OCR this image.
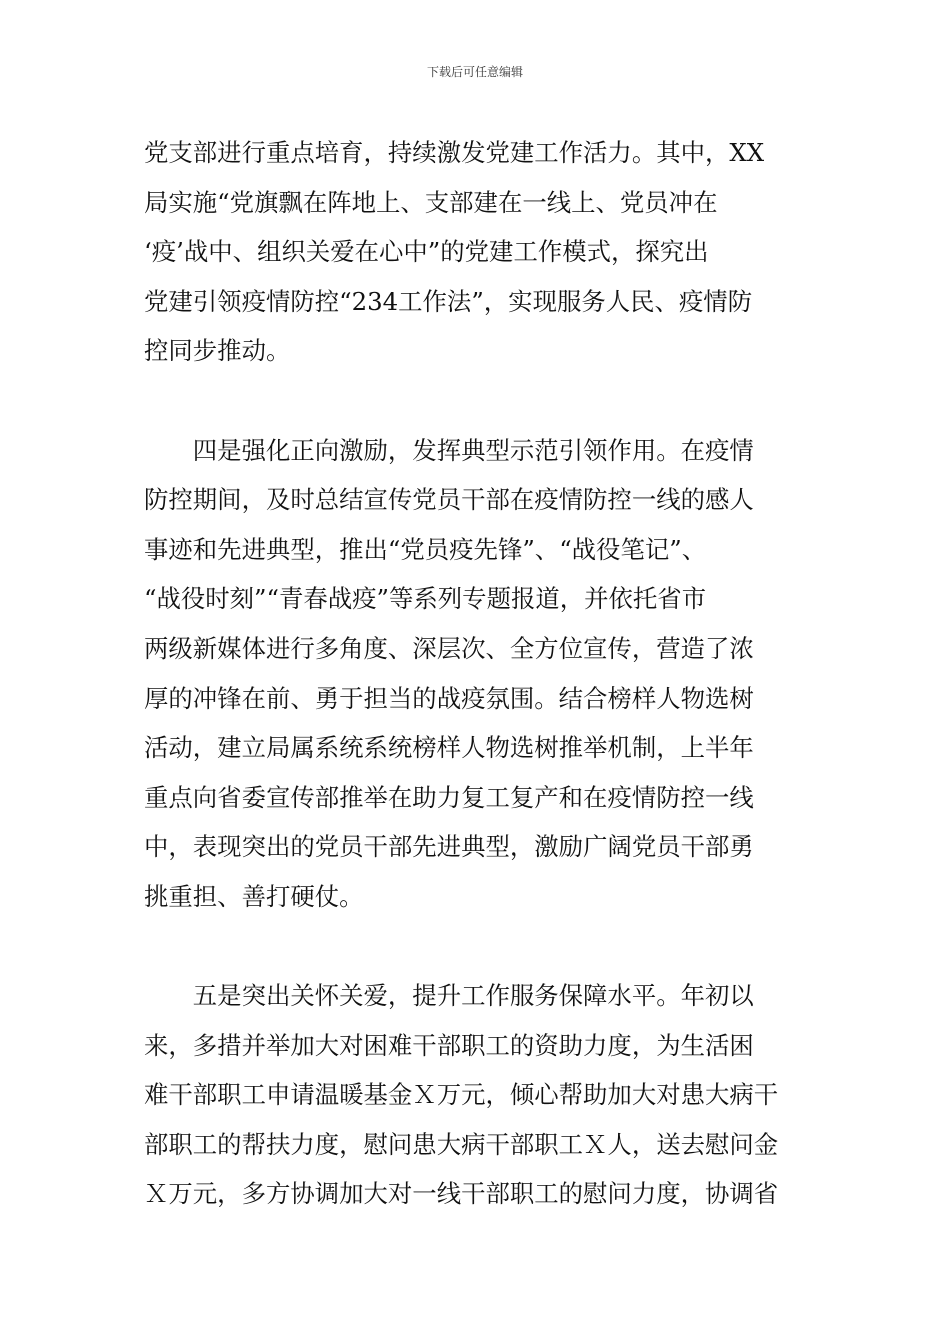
下载后可任意编辑
党支部进行重点培育，持续激发党建工作活力。其中，XX
局实施“党旗飘在阵地上、支部建在一线上、党员冲在
‘疫’战中、组织关爱在心中”的党建工作模式，探究出
党建引领疫情防控“234工作法”，实现服务人民、疫情防
控同步推动。
　　四是强化正向激励，发挥典型示范引领作用。在疫情
防控期间，及时总结宣传党员干部在疫情防控一线的感人
事迹和先进典型，推出“党员疫先锋”、“战役笔记”、
“战役时刻”“青春战疫”等系列专题报道，并依托省市
两级新媒体进行多角度、深层次、全方位宣传，营造了浓
厚的冲锋在前、勇于担当的战疫氛围。结合榜样人物选树
活动，建立局属系统系统榜样人物选树推举机制，上半年
重点向省委宣传部推举在助力复工复产和在疫情防控一线
中，表现突出的党员干部先进典型，激励广阔党员干部勇
挑重担、善打硬仗。
　　五是突出关怀关爱，提升工作服务保障水平。年初以
来，多措并举加大对困难干部职工的资助力度，为生活困
难干部职工申请温暖基金Ｘ万元，倾心帮助加大对患大病干
部职工的帮扶力度，慰问患大病干部职工Ｘ人，送去慰问金
Ｘ万元，多方协调加大对一线干部职工的慰问力度，协调省
